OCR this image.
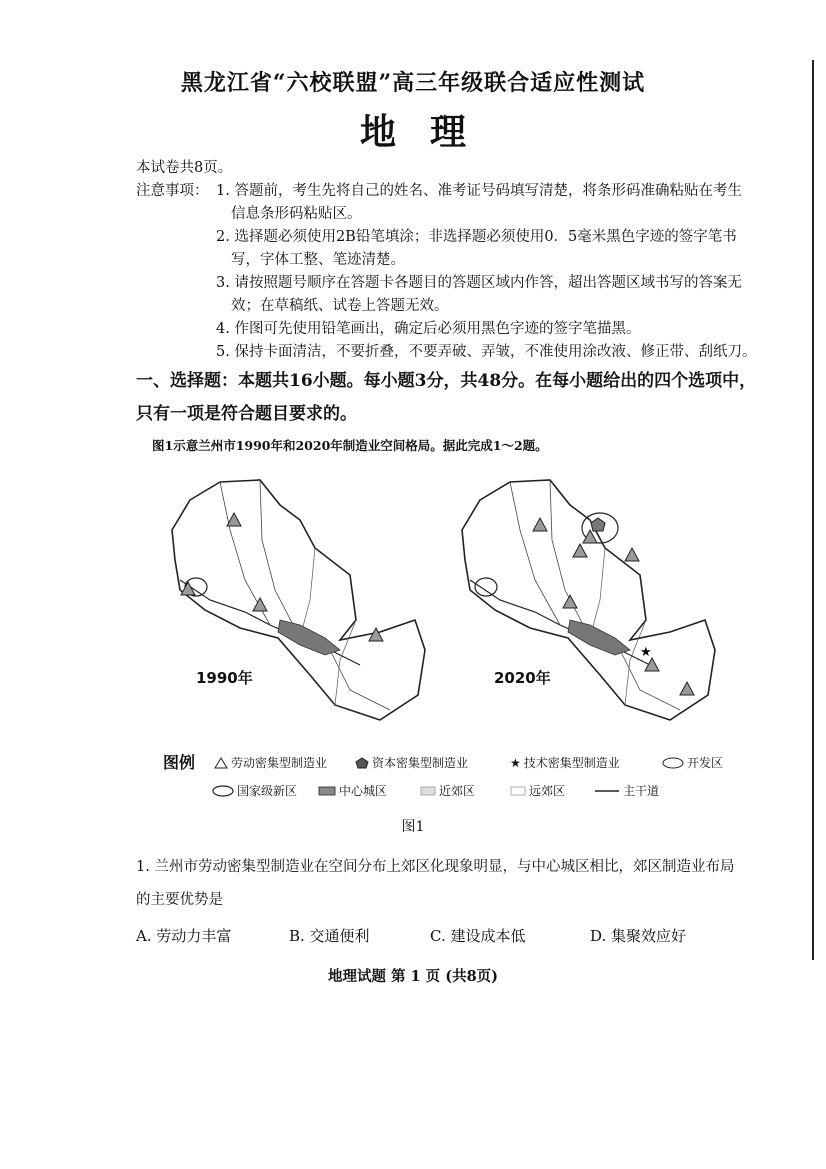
黑龙江省“六校联盟”高三年级联合适应性测试
地理
本试卷共8页。
注意事项： 1. 答题前，考生先将自己的姓名、准考证号码填写清楚，将条形码准确粘贴在考生
信息条形码粘贴区。
2. 选择题必须使用2B铅笔填涂；非选择题必须使用0．5毫米黑色字迹的签字笔书
写，字体工整、笔迹清楚。
3. 请按照题号顺序在答题卡各题目的答题区域内作答，超出答题区域书写的答案无
效；在草稿纸、试卷上答题无效。
4. 作图可先使用铅笔画出，确定后必须用黑色字迹的签字笔描黑。
5. 保持卡面清洁，不要折叠，不要弄破、弄皱，不准使用涂改液、修正带、刮纸刀。
一、选择题：本题共16小题。每小题3分，共48分。在每小题给出的四个选项中，
只有一项是符合题目要求的。
图1示意兰州市1990年和2020年制造业空间格局。据此完成1～2题。
★
1990年	2020年
图例	劳动密集型制造业	资本密集型制造业	★ 技术密集型制造业	开发区
国家级新区	中心城区	近郊区	远郊区	主干道
图1
1. 兰州市劳动密集型制造业在空间分布上郊区化现象明显，与中心城区相比，郊区制造业布局
的主要优势是
A. 劳动力丰富	B. 交通便利	C. 建设成本低	D. 集聚效应好
地理试题 第 1 页 (共8页)
